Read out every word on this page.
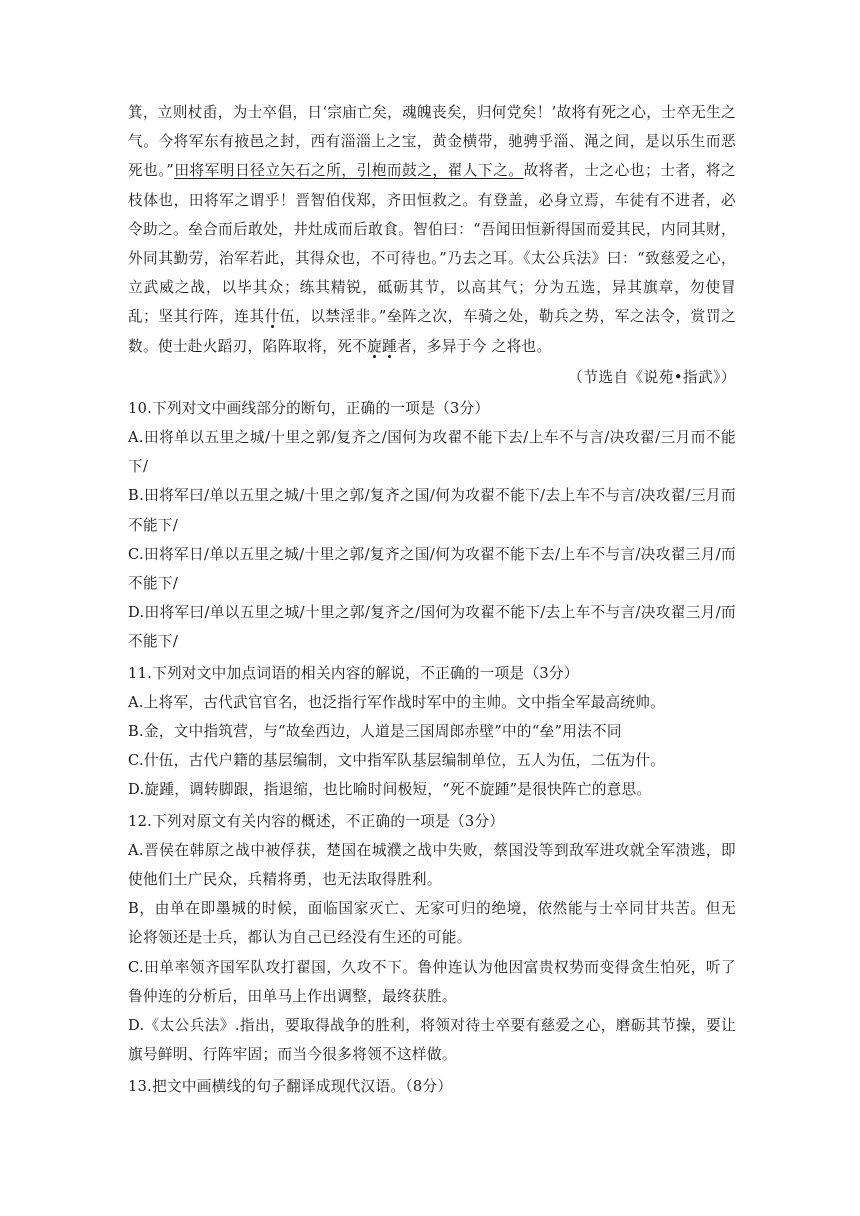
箕，立则杖臿，为士卒倡，日‘宗庙亡矣，魂魄丧矣，归何党矣！’故将有死之心，士卒无生之气。今将军东有掖邑之封，西有淄淄上之宝，黄金横带，驰骋乎淄、渑之间，是以乐生而恶死也。”田将军明日径立矢石之所，引枹而鼓之，翟人下之。故将者，士之心也；士者，将之枝体也，田将军之谓乎！晋智伯伐郑，齐田恒救之。有登盖，必身立焉，车徒有不进者，必令助之。垒合而后敢处，井灶成而后敢食。智伯曰：“吾闻田恒新得国而爱其民，内同其财，外同其勤劳，治军若此，其得众也，不可待也。”乃去之耳。《太公兵法》曰：“致慈爱之心，立武威之战，以毕其众；练其精锐，砥砺其节，以高其气；分为五选，异其旗章，勿使冒乱；坚其行阵，连其什伍，以禁淫非。”垒阵之次，车骑之处，勒兵之势，军之法令，赏罚之数。使士赴火蹈刃，陷阵取将，死不旋踵者，多异于今 之将也。

（节选自《说苑•指武》）

10.下列对文中画线部分的断句，正确的一项是（3分）

A.田将单以五里之城/十里之郭/复齐之/国何为攻翟不能下去/上车不与言/决攻翟/三月而不能下/

B.田将军曰/单以五里之城/十里之郭/复齐之国/何为攻翟不能下/去上车不与言/决攻翟/三月而不能下/

C.田将军日/单以五里之城/十里之郭/复齐之国/何为攻翟不能下去/上车不与言/决攻翟三月/而不能下/

D.田将军曰/单以五里之城/十里之郭/复齐之/国何为攻翟不能下/去上车不与言/决攻翟三月/而不能下/

11.下列对文中加点词语的相关内容的解说，不正确的一项是（3分）

A.上将军，古代武官官名，也泛指行军作战时军中的主帅。文中指全军最高统帅。

B.金，文中指筑营，与“故垒西边，人道是三国周郎赤壁”中的“垒”用法不同

C.什伍，古代户籍的基层编制，文中指军队基层编制单位，五人为伍，二伍为什。

D.旋踵，调转脚跟，指退缩，也比喻时间极短，“死不旋踵”是很快阵亡的意思。

12.下列对原文有关内容的概述，不正确的一项是（3分）

A.晋侯在韩原之战中被俘获，楚国在城濮之战中失败，蔡国没等到敌军进攻就全军溃逃，即使他们土广民众，兵精将勇，也无法取得胜利。

B，由单在即墨城的时候，面临国家灭亡、无家可归的绝境，依然能与士卒同甘共苦。但无论将领还是士兵，都认为自己已经没有生还的可能。

C.田单率领齐国军队攻打翟国，久攻不下。鲁仲连认为他因富贵权势而变得贪生怕死，听了鲁仲连的分析后，田单马上作出调整，最终获胜。

D.《太公兵法》.指出，要取得战争的胜利，将领对待士卒要有慈爱之心，磨砺其节操，要让旗号鲜明、行阵牢固；而当今很多将领不这样做。

13.把文中画横线的句子翻译成现代汉语。（8分）
